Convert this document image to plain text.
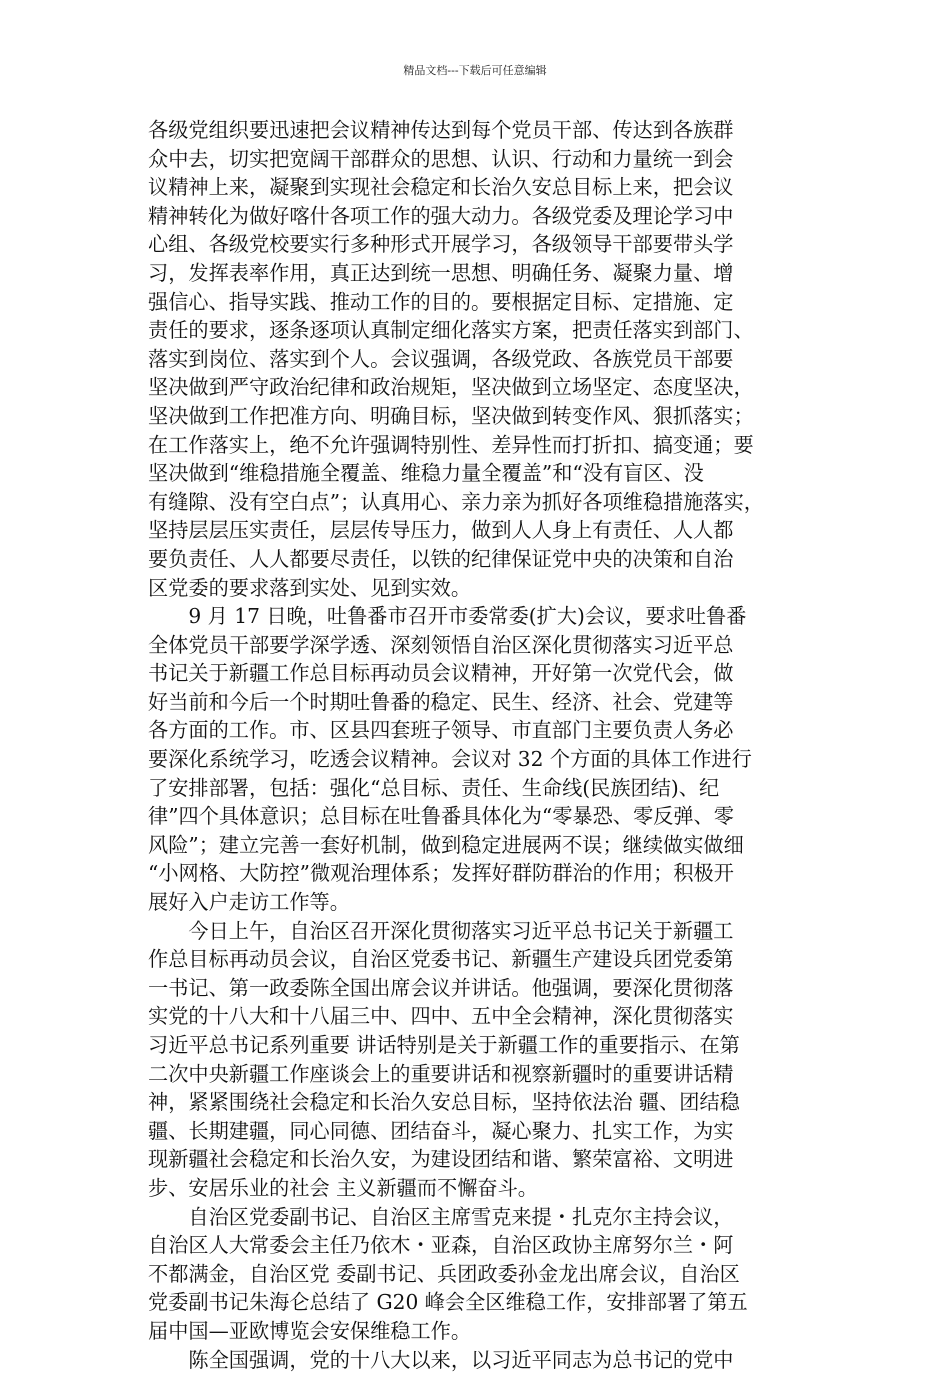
精品文档---下载后可任意编辑

各级党组织要迅速把会议精神传达到每个党员干部、传达到各族群
众中去，切实把宽阔干部群众的思想、认识、行动和力量统一到会
议精神上来，凝聚到实现社会稳定和长治久安总目标上来，把会议
精神转化为做好喀什各项工作的强大动力。各级党委及理论学习中
心组、各级党校要实行多种形式开展学习，各级领导干部要带头学
习，发挥表率作用，真正达到统一思想、明确任务、凝聚力量、增
强信心、指导实践、推动工作的目的。要根据定目标、定措施、定
责任的要求，逐条逐项认真制定细化落实方案，把责任落实到部门、
落实到岗位、落实到个人。会议强调，各级党政、各族党员干部要
坚决做到严守政治纪律和政治规矩，坚决做到立场坚定、态度坚决，
坚决做到工作把准方向、明确目标，坚决做到转变作风、狠抓落实；
在工作落实上，绝不允许强调特别性、差异性而打折扣、搞变通；要
坚决做到“维稳措施全覆盖、维稳力量全覆盖”和“没有盲区、没
有缝隙、没有空白点”；认真用心、亲力亲为抓好各项维稳措施落实，
坚持层层压实责任，层层传导压力，做到人人身上有责任、人人都
要负责任、人人都要尽责任，以铁的纪律保证党中央的决策和自治
区党委的要求落到实处、见到实效。

9 月 17 日晚，吐鲁番市召开市委常委(扩大)会议，要求吐鲁番
全体党员干部要学深学透、深刻领悟自治区深化贯彻落实习近平总
书记关于新疆工作总目标再动员会议精神，开好第一次党代会，做
好当前和今后一个时期吐鲁番的稳定、民生、经济、社会、党建等
各方面的工作。市、区县四套班子领导、市直部门主要负责人务必
要深化系统学习，吃透会议精神。会议对 32 个方面的具体工作进行
了安排部署，包括：强化“总目标、责任、生命线(民族团结)、纪
律”四个具体意识；总目标在吐鲁番具体化为“零暴恐、零反弹、零
风险”；建立完善一套好机制，做到稳定进展两不误；继续做实做细
“小网格、大防控”微观治理体系；发挥好群防群治的作用；积极开
展好入户走访工作等。

今日上午，自治区召开深化贯彻落实习近平总书记关于新疆工
作总目标再动员会议，自治区党委书记、新疆生产建设兵团党委第
一书记、第一政委陈全国出席会议并讲话。他强调，要深化贯彻落
实党的十八大和十八届三中、四中、五中全会精神，深化贯彻落实
习近平总书记系列重要 讲话特别是关于新疆工作的重要指示、在第
二次中央新疆工作座谈会上的重要讲话和视察新疆时的重要讲话精
神，紧紧围绕社会稳定和长治久安总目标，坚持依法治 疆、团结稳
疆、长期建疆，同心同德、团结奋斗，凝心聚力、扎实工作，为实
现新疆社会稳定和长治久安，为建设团结和谐、繁荣富裕、文明进
步、安居乐业的社会 主义新疆而不懈奋斗。

自治区党委副书记、自治区主席雪克来提・扎克尔主持会议，
自治区人大常委会主任乃依木・亚森，自治区政协主席努尔兰・阿
不都满金，自治区党 委副书记、兵团政委孙金龙出席会议，自治区
党委副书记朱海仑总结了 G20 峰会全区维稳工作，安排部署了第五
届中国—亚欧博览会安保维稳工作。

陈全国强调，党的十八大以来，以习近平同志为总书记的党中
